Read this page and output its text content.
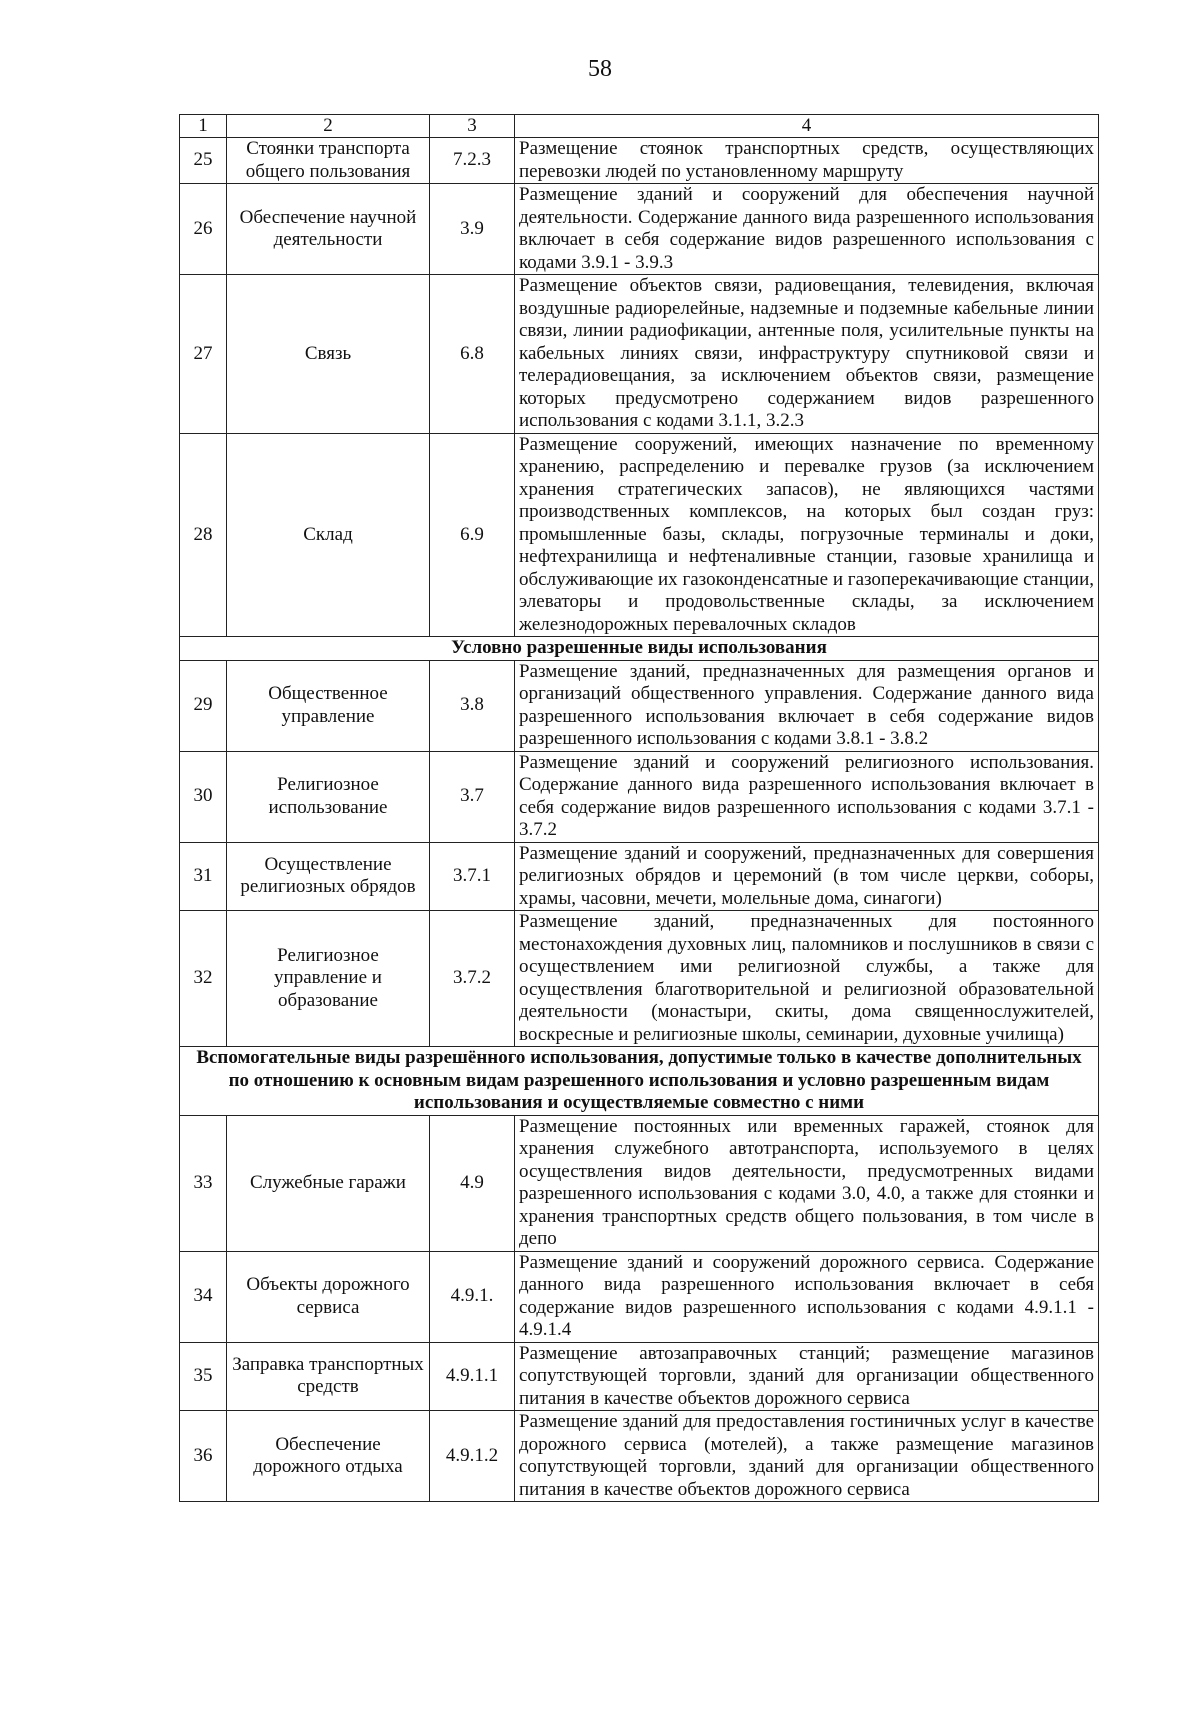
58
1	2	3	4
25	Стоянки транспорта общего пользования	7.2.3	Размещение стоянок транспортных средств, осуществляющих перевозки людей по установленному маршруту
26	Обеспечение научной деятельности	3.9	Размещение зданий и сооружений для обеспечения научной деятельности. Содержание данного вида разрешенного использования включает в себя содержание видов разрешенного использования с кодами 3.9.1 - 3.9.3
27	Связь	6.8	Размещение объектов связи, радиовещания, телевидения, включая воздушные радиорелейные, надземные и подземные кабельные линии связи, линии радиофикации, антенные поля, усилительные пункты на кабельных линиях связи, инфраструктуру спутниковой связи и телерадиовещания, за исключением объектов связи, размещение которых предусмотрено содержанием видов разрешенного использования с кодами 3.1.1, 3.2.3
28	Склад	6.9	Размещение сооружений, имеющих назначение по временному хранению, распределению и перевалке грузов (за исключением хранения стратегических запасов), не являющихся частями производственных комплексов, на которых был создан груз: промышленные базы, склады, погрузочные терминалы и доки, нефтехранилища и нефтеналивные станции, газовые хранилища и обслуживающие их газоконденсатные и газоперекачивающие станции, элеваторы и продовольственные склады, за исключением железнодорожных перевалочных складов
Условно разрешенные виды использования			
29	Общественное управление	3.8	Размещение зданий, предназначенных для размещения органов и организаций общественного управления. Содержание данного вида разрешенного использования включает в себя содержание видов разрешенного использования с кодами 3.8.1 - 3.8.2
30	Религиозное использование	3.7	Размещение зданий и сооружений религиозного использования. Содержание данного вида разрешенного использования включает в себя содержание видов разрешенного использования с кодами 3.7.1 - 3.7.2
31	Осуществление религиозных обрядов	3.7.1	Размещение зданий и сооружений, предназначенных для совершения религиозных обрядов и церемоний (в том числе церкви, соборы, храмы, часовни, мечети, молельные дома, синагоги)
32	Религиозное управление и образование	3.7.2	Размещение зданий, предназначенных для постоянного местонахождения духовных лиц, паломников и послушников в связи с осуществлением ими религиозной службы, а также для осуществления благотворительной и религиозной образовательной деятельности (монастыри, скиты, дома священнослужителей, воскресные и религиозные школы, семинарии, духовные училища)
Вспомогательные виды разрешённого использования, допустимые только в качестве дополнительных по отношению к основным видам разрешенного использования и условно разрешенным видам использования и осуществляемые совместно с ними			
33	Служебные гаражи	4.9	Размещение постоянных или временных гаражей, стоянок для хранения служебного автотранспорта, используемого в целях осуществления видов деятельности, предусмотренных видами разрешенного использования с кодами 3.0, 4.0, а также для стоянки и хранения транспортных средств общего пользования, в том числе в депо
34	Объекты дорожного сервиса	4.9.1.	Размещение зданий и сооружений дорожного сервиса. Содержание данного вида разрешенного использования включает в себя содержание видов разрешенного использования с кодами 4.9.1.1 - 4.9.1.4
35	Заправка транспортных средств	4.9.1.1	Размещение автозаправочных станций; размещение магазинов сопутствующей торговли, зданий для организации общественного питания в качестве объектов дорожного сервиса
36	Обеспечение дорожного отдыха	4.9.1.2	Размещение зданий для предоставления гостиничных услуг в качестве дорожного сервиса (мотелей), а также размещение магазинов сопутствующей торговли, зданий для организации общественного питания в качестве объектов дорожного сервиса
